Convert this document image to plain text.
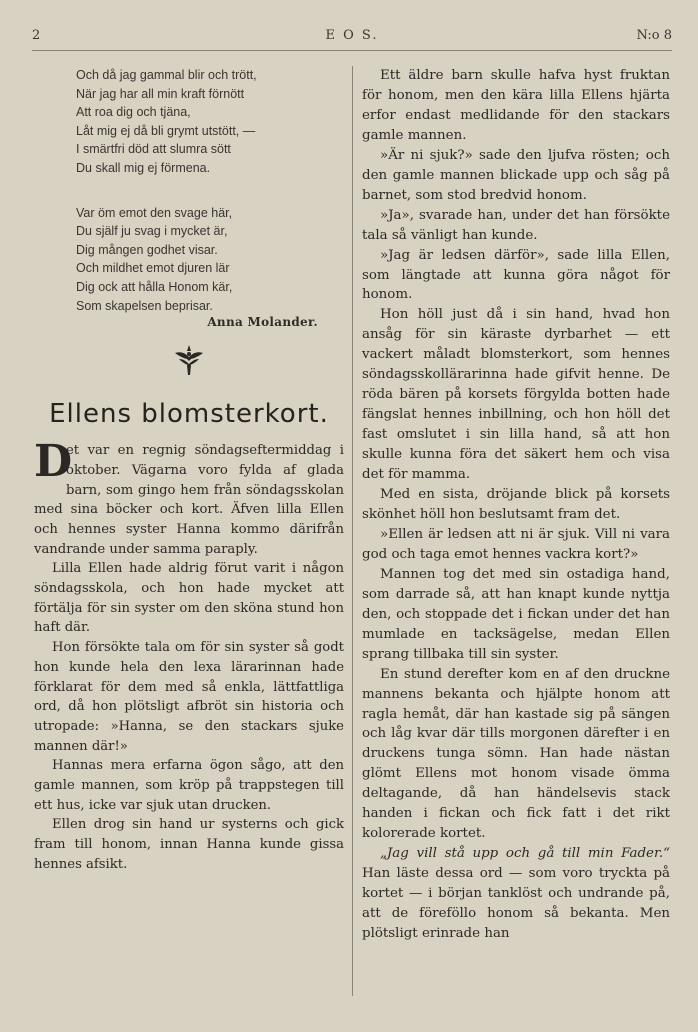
2	E O S.	N:o 8
Och då jag gammal blir och trött,
När jag har all min kraft förnött
Att roa dig och tjäna,
Låt mig ej då bli grymt utstött, —
I smärtfri död att slumra sött
Du skall mig ej förmena.
Var öm emot den svage här,
Du själf ju svag i mycket är,
Dig mången godhet visar.
Och mildhet emot djuren lär
Dig ock att hålla Honom kär,
Som skapelsen beprisar.
Anna Molander.
Ellens blomsterkort.

D
et var en regnig söndagseftermiddag i oktober. Vägarna voro fylda af glada barn, som gingo hem från söndagsskolan med sina böcker och kort. Äfven lilla Ellen och hennes syster Hanna kommo därifrån vandrande under samma paraply.

Lilla Ellen hade aldrig förut varit i någon söndagsskola, och hon hade mycket att förtälja för sin syster om den sköna stund hon haft där.

Hon försökte tala om för sin syster så godt hon kunde hela den lexa lärarinnan hade förklarat för dem med så enkla, lättfattliga ord, då hon plötsligt afbröt sin historia och utropade: »Hanna, se den stackars sjuke mannen där!»

Hannas mera erfarna ögon sågo, att den gamle mannen, som kröp på trappstegen till ett hus, icke var sjuk utan drucken.

Ellen drog sin hand ur systerns och gick fram till honom, innan Hanna kunde gissa hennes afsikt.

Ett äldre barn skulle hafva hyst fruktan för honom, men den kära lilla Ellens hjärta erfor endast medlidande för den stackars gamle mannen.

»Är ni sjuk?» sade den ljufva rösten; och den gamle mannen blickade upp och såg på barnet, som stod bredvid honom.

»Ja», svarade han, under det han försökte tala så vänligt han kunde.

»Jag är ledsen därför», sade lilla Ellen, som längtade att kunna göra något för honom.

Hon höll just då i sin hand, hvad hon ansåg för sin käraste dyrbarhet — ett vackert måladt blomsterkort, som hennes söndagsskollärarinna hade gifvit henne. De röda bären på korsets förgylda botten hade fängslat hennes inbillning, och hon höll det fast omslutet i sin lilla hand, så att hon skulle kunna föra det säkert hem och visa det för mamma.

Med en sista, dröjande blick på korsets skönhet höll hon beslutsamt fram det.

»Ellen är ledsen att ni är sjuk. Vill ni vara god och taga emot hennes vackra kort?»

Mannen tog det med sin ostadiga hand, som darrade så, att han knapt kunde nyttja den, och stoppade det i fickan under det han mumlade en tacksägelse, medan Ellen sprang tillbaka till sin syster.

En stund derefter kom en af den druckne mannens bekanta och hjälpte honom att ragla hemåt, där han kastade sig på sängen och låg kvar där tills morgonen därefter i en druckens tunga sömn. Han hade nästan glömt Ellens mot honom visade ömma deltagande, då han händelsevis stack handen i fickan och fick fatt i det rikt kolorerade kortet.

„Jag vill stå upp och gå till min Fader.“ Han läste dessa ord — som voro tryckta på kortet — i början tanklöst och undrande på, att de föreföllo honom så bekanta. Men plötsligt erinrade han
